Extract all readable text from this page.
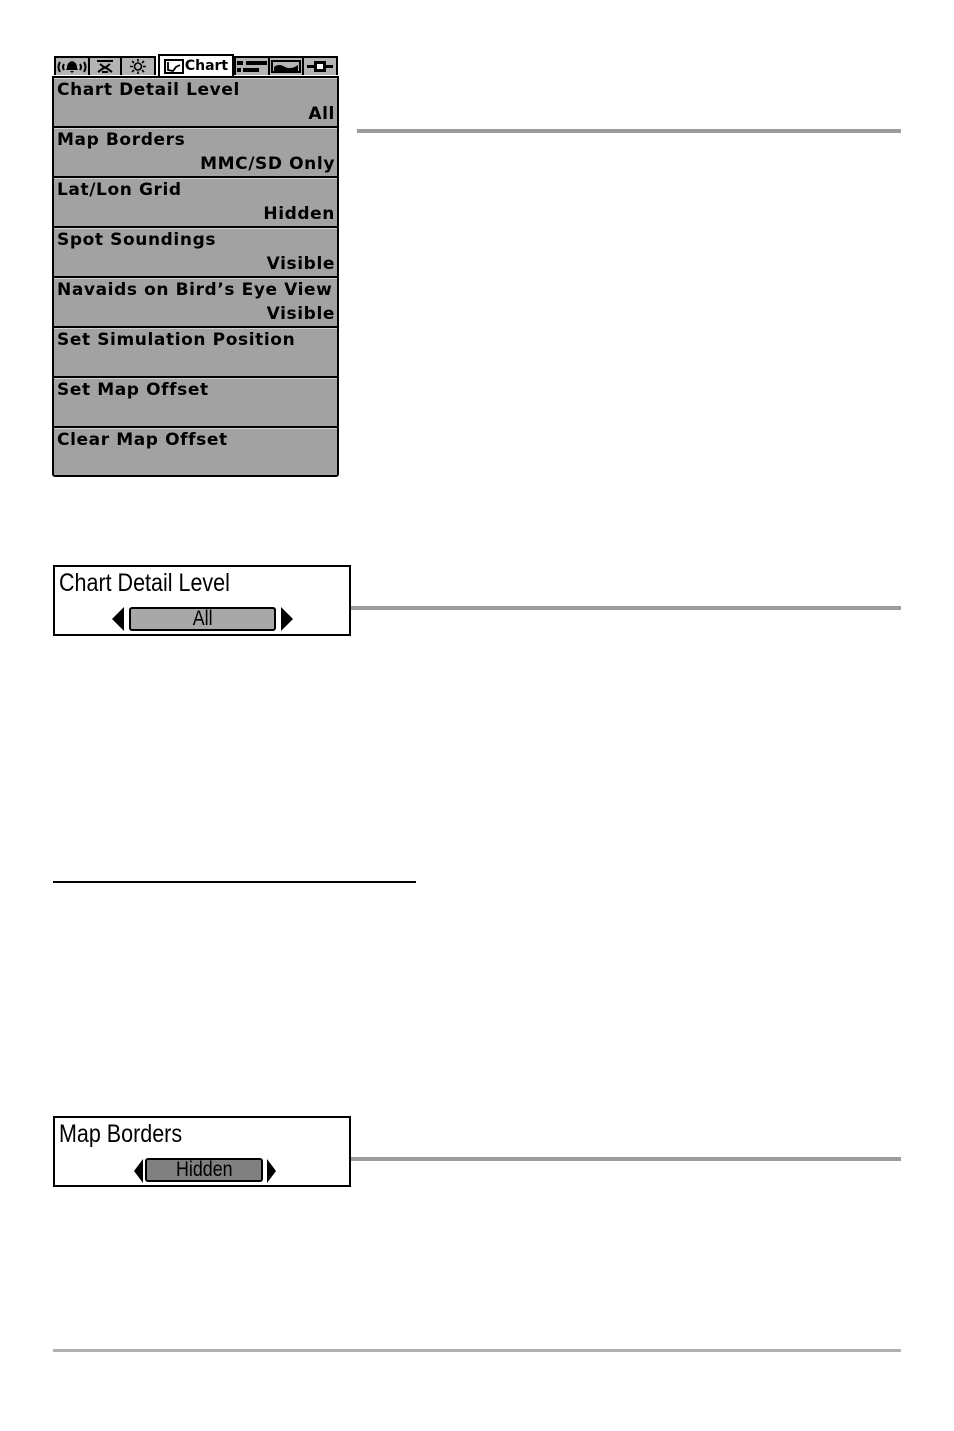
Chart
Chart Detail Level
All
Map Borders
MMC/SD Only
Lat/Lon Grid
Hidden
Spot Soundings
Visible
Navaids on Bird’s Eye View
Visible
Set Simulation Position
Set Map Offset
Clear Map Offset
Chart Detail Level
All
Map Borders
Hidden
